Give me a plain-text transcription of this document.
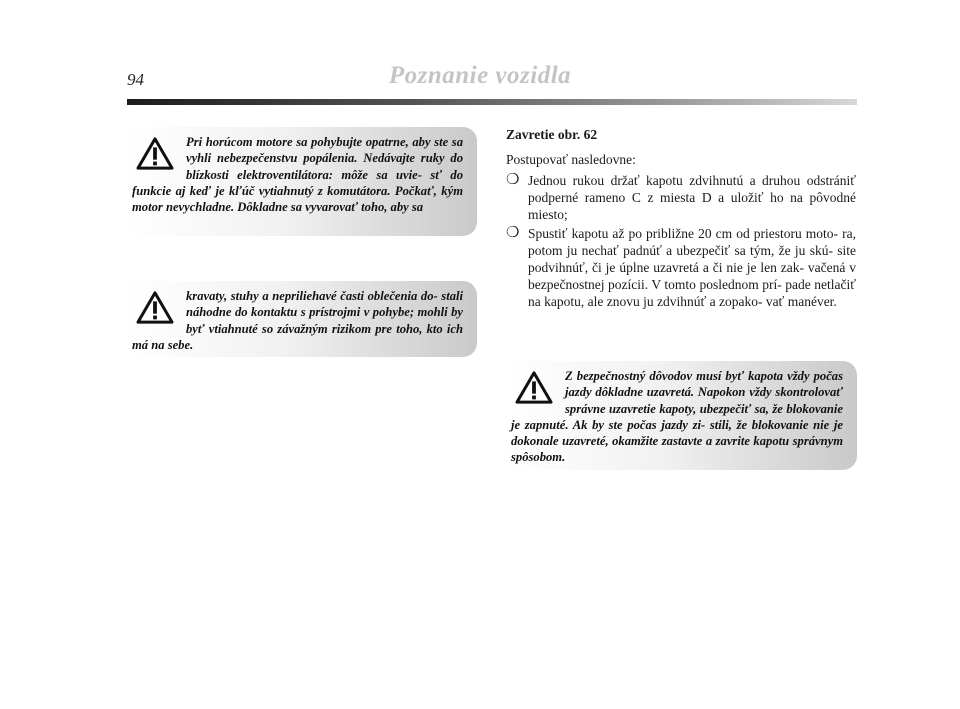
94	Poznanie vozidla

Pri horúcom motore sa pohybujte opatrne, aby ste sa vyhli nebezpečenstvu popálenia. Nedávajte ruky do blízkosti elektroventilátora: môže sa uvie- sť do funkcie aj keď je kľúč vytiahnutý z komutátora. Počkať, kým motor nevychladne. Dôkladne sa vyvarovať toho, aby sa

kravaty, stuhy a nepriliehavé časti oblečenia do- stali náhodne do kontaktu s prístrojmi v pohybe; mohli by byť vtiahnuté so závažným rizikom pre toho, kto ich má na sebe.

Zavretie obr. 62

Postupovať nasledovne:

❍ Jednou rukou držať kapotu zdvihnutú a druhou odstrániť podperné rameno C z miesta D a uložiť ho na pôvodné miesto;
❍ Spustiť kapotu až po približne 20 cm od priestoru moto- ra, potom ju nechať padnúť a ubezpečiť sa tým, že ju skú- site podvihnúť, či je úplne uzavretá a či nie je len zak- vačená v bezpečnostnej pozícii. V tomto poslednom prí- pade netlačiť na kapotu, ale znovu ju zdvihnúť a zopako- vať manéver.

Z bezpečnostný dôvodov musí byť kapota vždy počas jazdy dôkladne uzavretá. Napokon vždy skontrolovať správne uzavretie kapoty, ubezpečiť sa, že blokovanie je zapnuté. Ak by ste počas jazdy zi- stili, že blokovanie nie je dokonale uzavreté, okamžite zastavte a zavrite kapotu správnym spôsobom.
